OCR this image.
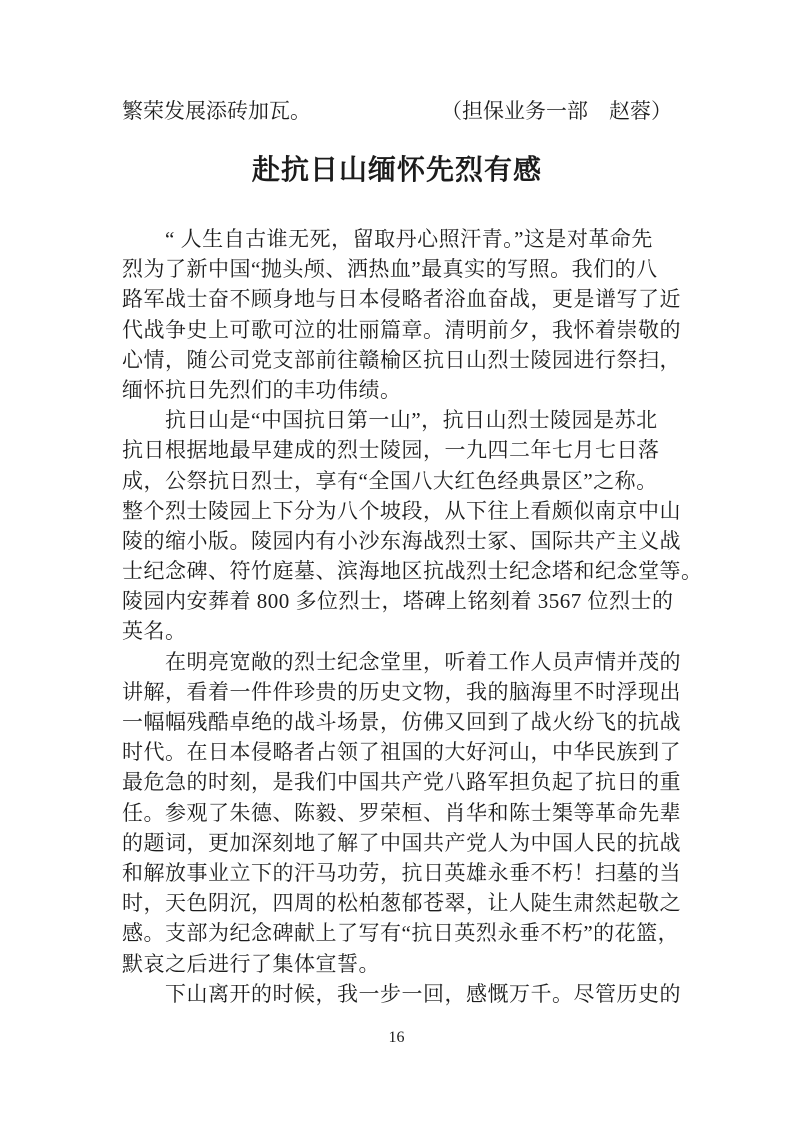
繁荣发展添砖加瓦。	（担保业务一部　赵蓉）
赴抗日山缅怀先烈有感
“ 人生自古谁无死，留取丹心照汗青。”这是对革命先
烈为了新中国“抛头颅、洒热血”最真实的写照。我们的八
路军战士奋不顾身地与日本侵略者浴血奋战，更是谱写了近
代战争史上可歌可泣的壮丽篇章。清明前夕，我怀着崇敬的
心情，随公司党支部前往赣榆区抗日山烈士陵园进行祭扫，
缅怀抗日先烈们的丰功伟绩。
抗日山是“中国抗日第一山”，抗日山烈士陵园是苏北
抗日根据地最早建成的烈士陵园，一九四二年七月七日落
成，公祭抗日烈士，享有“全国八大红色经典景区”之称。
整个烈士陵园上下分为八个坡段，从下往上看颇似南京中山
陵的缩小版。陵园内有小沙东海战烈士冢、国际共产主义战
士纪念碑、符竹庭墓、滨海地区抗战烈士纪念塔和纪念堂等。
陵园内安葬着 800 多位烈士，塔碑上铭刻着 3567 位烈士的
英名。
在明亮宽敞的烈士纪念堂里，听着工作人员声情并茂的
讲解，看着一件件珍贵的历史文物，我的脑海里不时浮现出
一幅幅残酷卓绝的战斗场景，仿佛又回到了战火纷飞的抗战
时代。在日本侵略者占领了祖国的大好河山，中华民族到了
最危急的时刻，是我们中国共产党八路军担负起了抗日的重
任。参观了朱德、陈毅、罗荣桓、肖华和陈士榘等革命先辈
的题词，更加深刻地了解了中国共产党人为中国人民的抗战
和解放事业立下的汗马功劳，抗日英雄永垂不朽！扫墓的当
时，天色阴沉，四周的松柏葱郁苍翠，让人陡生肃然起敬之
感。支部为纪念碑献上了写有“抗日英烈永垂不朽”的花篮，
默哀之后进行了集体宣誓。
下山离开的时候，我一步一回，感慨万千。尽管历史的
16
